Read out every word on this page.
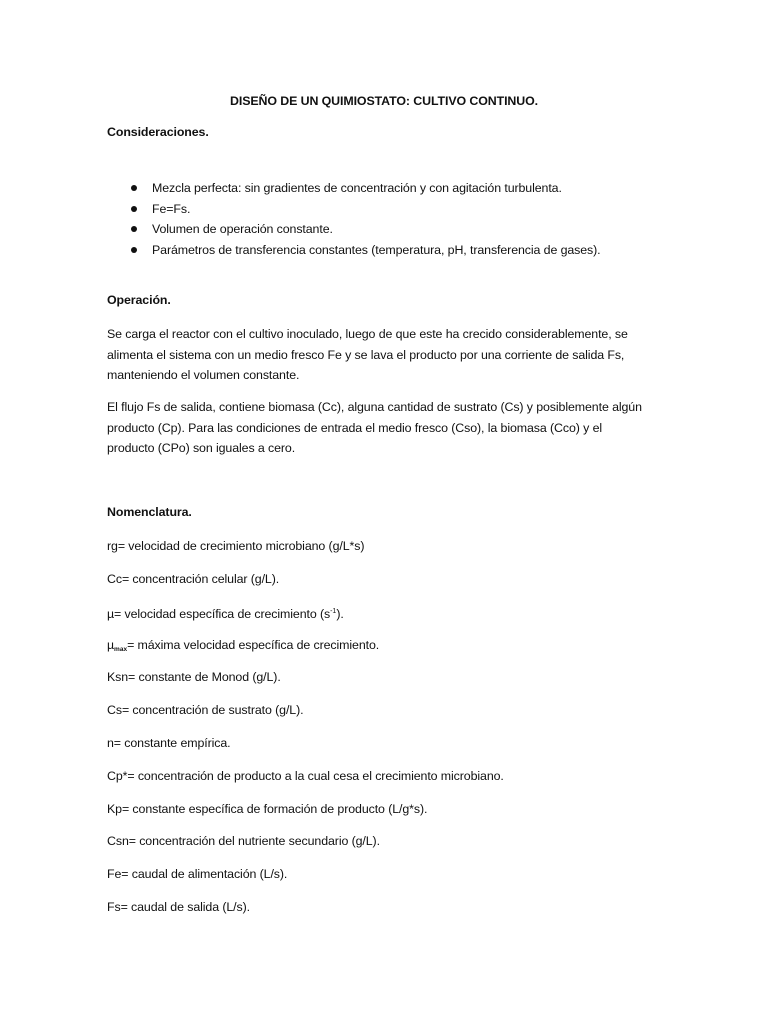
DISEÑO DE UN QUIMIOSTATO: CULTIVO CONTINUO.
Consideraciones.
Mezcla perfecta: sin gradientes de concentración y con agitación turbulenta.
Fe=Fs.
Volumen de operación constante.
Parámetros de transferencia constantes (temperatura, pH, transferencia de gases).
Operación.

Se carga el reactor con el cultivo inoculado, luego de que este ha crecido considerablemente, se
alimenta el sistema con un medio fresco Fe y se lava el producto por una corriente de salida Fs,
manteniendo el volumen constante.

El flujo Fs de salida, contiene biomasa (Cc), alguna cantidad de sustrato (Cs) y posiblemente algún
producto (Cp). Para las condiciones de entrada el medio fresco (Cso), la biomasa (Cco) y el
producto (CPo) son iguales a cero.

Nomenclatura.
rg= velocidad de crecimiento microbiano (g/L*s)
Cc= concentración celular (g/L).
µ= velocidad específica de crecimiento $(s^{-1})$.
µ$_{max}$= máxima velocidad específica de crecimiento.
Ksn= constante de Monod (g/L).
Cs= concentración de sustrato (g/L).
n= constante empírica.
Cp*= concentración de producto a la cual cesa el crecimiento microbiano.
Kp= constante específica de formación de producto (L/g*s).
Csn= concentración del nutriente secundario (g/L).
Fe= caudal de alimentación (L/s).
Fs= caudal de salida (L/s).
